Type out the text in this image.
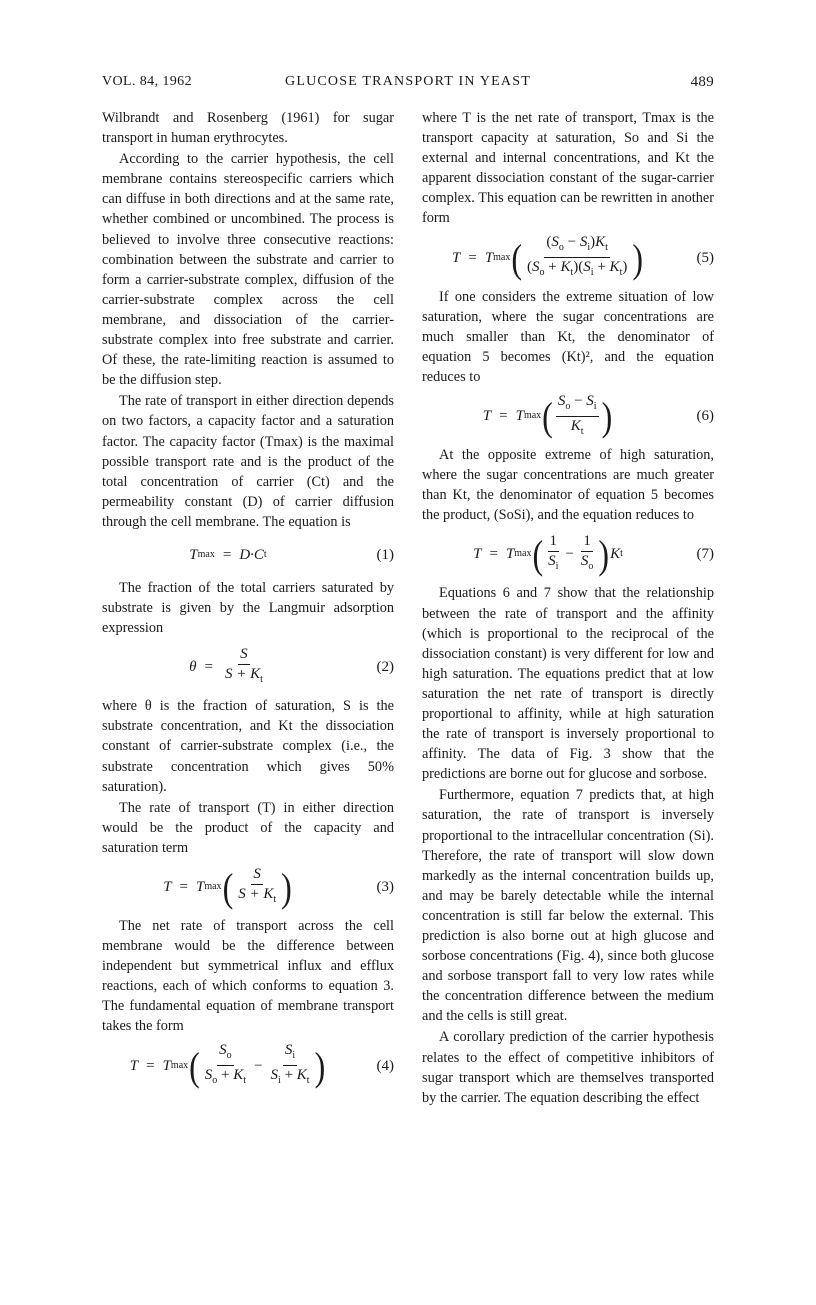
VOL. 84, 1962	GLUCOSE TRANSPORT IN YEAST	489

Wilbrandt and Rosenberg (1961) for sugar transport in human erythrocytes.

According to the carrier hypothesis, the cell membrane contains stereospecific carriers which can diffuse in both directions and at the same rate, whether combined or uncombined. The process is believed to involve three consecutive reactions: combination between the substrate and carrier to form a carrier-substrate complex, diffusion of the carrier-substrate complex across the cell membrane, and dissociation of the carrier-substrate complex into free substrate and carrier. Of these, the rate-limiting reaction is assumed to be the diffusion step.

The rate of transport in either direction depends on two factors, a capacity factor and a saturation factor. The capacity factor (Tmax) is the maximal possible transport rate and is the product of the total concentration of carrier (Ct) and the permeability constant (D) of carrier diffusion through the cell membrane. The equation is

T max = D·C t	(1)

The fraction of the total carriers saturated by substrate is given by the Langmuir adsorption expression

$\theta = \frac{S}{S + K_t}$	(2)

where θ is the fraction of saturation, S is the substrate concentration, and Kt the dissociation constant of carrier-substrate complex (i.e., the substrate concentration which gives 50% saturation).

The rate of transport (T) in either direction would be the product of the capacity and saturation term

T = T max ( $\frac{S}{S + K_t}$ )	(3)

The net rate of transport across the cell membrane would be the difference between independent but symmetrical influx and efflux reactions, each of which conforms to equation 3. The fundamental equation of membrane transport takes the form

T = T max ( $\frac{S_o}{S_o + K_t} - \frac{S_i}{S_i + K_t}$ )	(4)

where T is the net rate of transport, Tmax is the transport capacity at saturation, So and Si the external and internal concentrations, and Kt the apparent dissociation constant of the sugar-carrier complex. This equation can be rewritten in another form

T = T max ( $\frac{(S_o - S_i)K_t}{(S_o + K_t)(S_i + K_t)}$ )	(5)

If one considers the extreme situation of low saturation, where the sugar concentrations are much smaller than Kt, the denominator of equation 5 becomes (Kt)², and the equation reduces to

T = T max ( $\frac{S_o - S_i}{K_t}$ )	(6)

At the opposite extreme of high saturation, where the sugar concentrations are much greater than Kt, the denominator of equation 5 becomes the product, (SoSi), and the equation reduces to

T = T max ( $\frac{1}{S_i} - \frac{1}{S_o}$ ) K t	(7)

Equations 6 and 7 show that the relationship between the rate of transport and the affinity (which is proportional to the reciprocal of the dissociation constant) is very different for low and high saturation. The equations predict that at low saturation the net rate of transport is directly proportional to affinity, while at high saturation the rate of transport is inversely proportional to affinity. The data of Fig. 3 show that the predictions are borne out for glucose and sorbose.

Furthermore, equation 7 predicts that, at high saturation, the rate of transport is inversely proportional to the intracellular concentration (Si). Therefore, the rate of transport will slow down markedly as the internal concentration builds up, and may be barely detectable while the internal concentration is still far below the external. This prediction is also borne out at high glucose and sorbose concentrations (Fig. 4), since both glucose and sorbose transport fall to very low rates while the concentration difference between the medium and the cells is still great.

A corollary prediction of the carrier hypothesis relates to the effect of competitive inhibitors of sugar transport which are themselves transported by the carrier. The equation describing the effect
